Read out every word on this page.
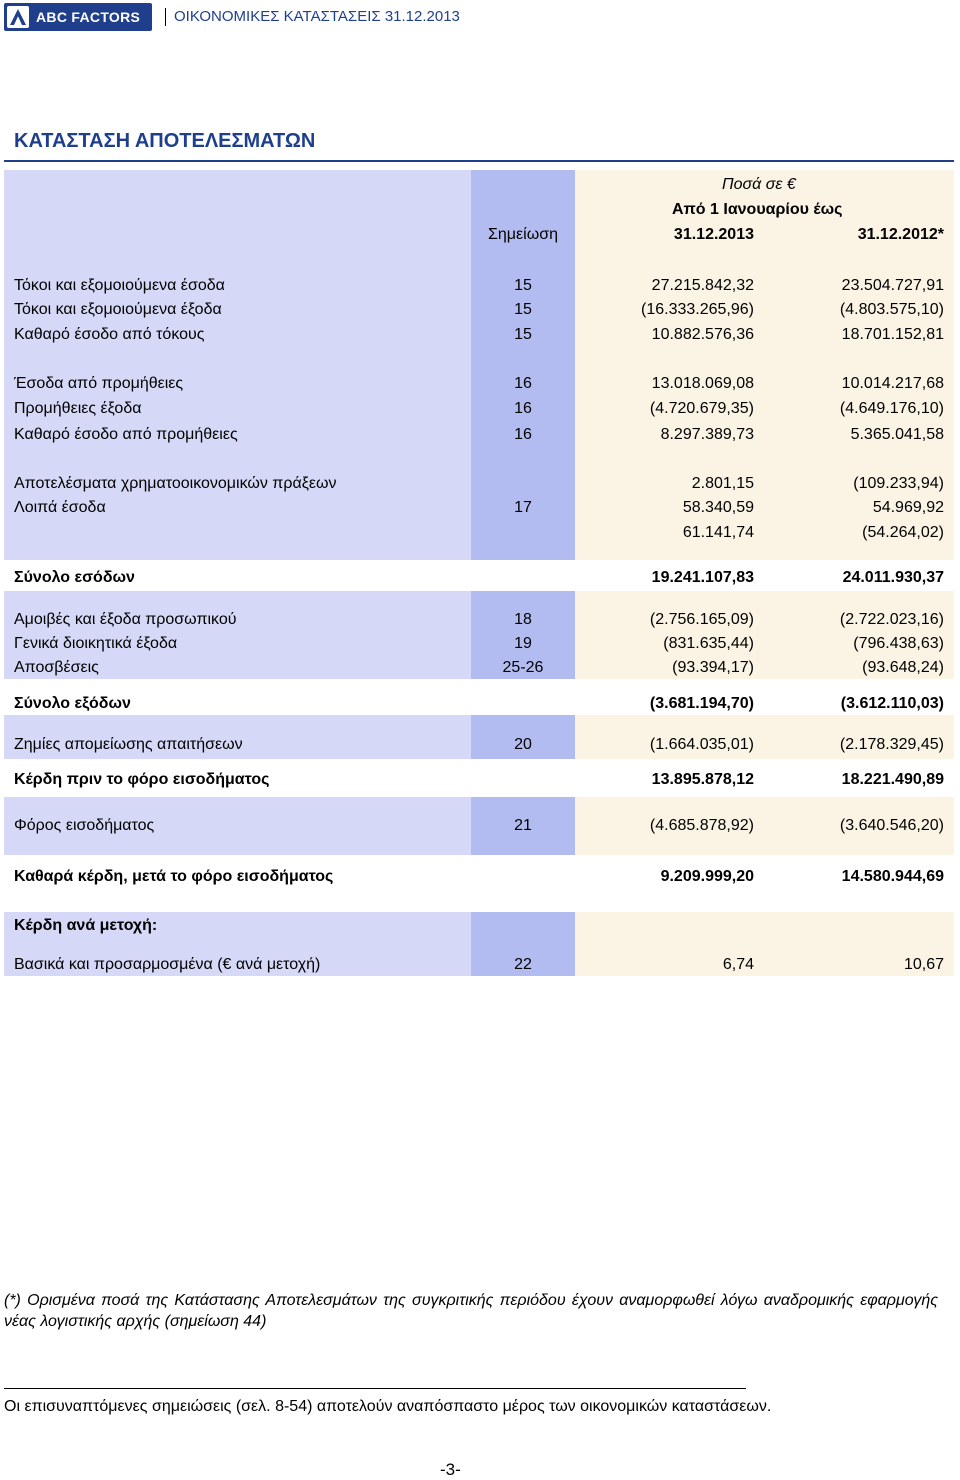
ABC FACTORS ΟΙΚΟΝΟΜΙΚΕΣ ΚΑΤΑΣΤΑΣΕΙΣ 31.12.2013
ΚΑΤΑΣΤΑΣΗ ΑΠΟΤΕΛΕΣΜΑΤΩΝ
Ποσά σε €
Από 1 Ιανουαρίου έως
Σημείωση	31.12.2013	31.12.2012*
Τόκοι και εξομοιούμενα έσοδα	15	27.215.842,32	23.504.727,91
Τόκοι και εξομοιούμενα έξοδα	15	(16.333.265,96)	(4.803.575,10)
Καθαρό έσοδο από τόκους	15	10.882.576,36	18.701.152,81
Έσοδα από προμήθειες	16	13.018.069,08	10.014.217,68
Προμήθειες έξοδα	16	(4.720.679,35)	(4.649.176,10)
Καθαρό έσοδο από προμήθειες	16	8.297.389,73	5.365.041,58
Αποτελέσματα χρηματοοικονομικών πράξεων	2.801,15	(109.233,94)
Λοιπά έσοδα	17	58.340,59	54.969,92
61.141,74	(54.264,02)
Σύνολο εσόδων	19.241.107,83	24.011.930,37
Αμοιβές και έξοδα προσωπικού	18	(2.756.165,09)	(2.722.023,16)
Γενικά διοικητικά έξοδα	19	(831.635,44)	(796.438,63)
Αποσβέσεις	25-26	(93.394,17)	(93.648,24)
Σύνολο εξόδων	(3.681.194,70)	(3.612.110,03)
Ζημίες απομείωσης απαιτήσεων	20	(1.664.035,01)	(2.178.329,45)
Κέρδη πριν το φόρο εισοδήματος	13.895.878,12	18.221.490,89
Φόρος εισοδήματος	21	(4.685.878,92)	(3.640.546,20)
Καθαρά κέρδη, μετά το φόρο εισοδήματος	9.209.999,20	14.580.944,69
Κέρδη ανά μετοχή:
Βασικά και προσαρμοσμένα (€ ανά μετοχή)	22	6,74	10,67
(*) Ορισμένα ποσά της Κατάστασης Αποτελεσμάτων της συγκριτικής περιόδου έχουν αναμορφωθεί λόγω αναδρομικής εφαρμογής νέας λογιστικής αρχής (σημείωση 44)
Οι επισυναπτόμενες σημειώσεις (σελ. 8-54) αποτελούν αναπόσπαστο μέρος των οικονομικών καταστάσεων.
-3-
